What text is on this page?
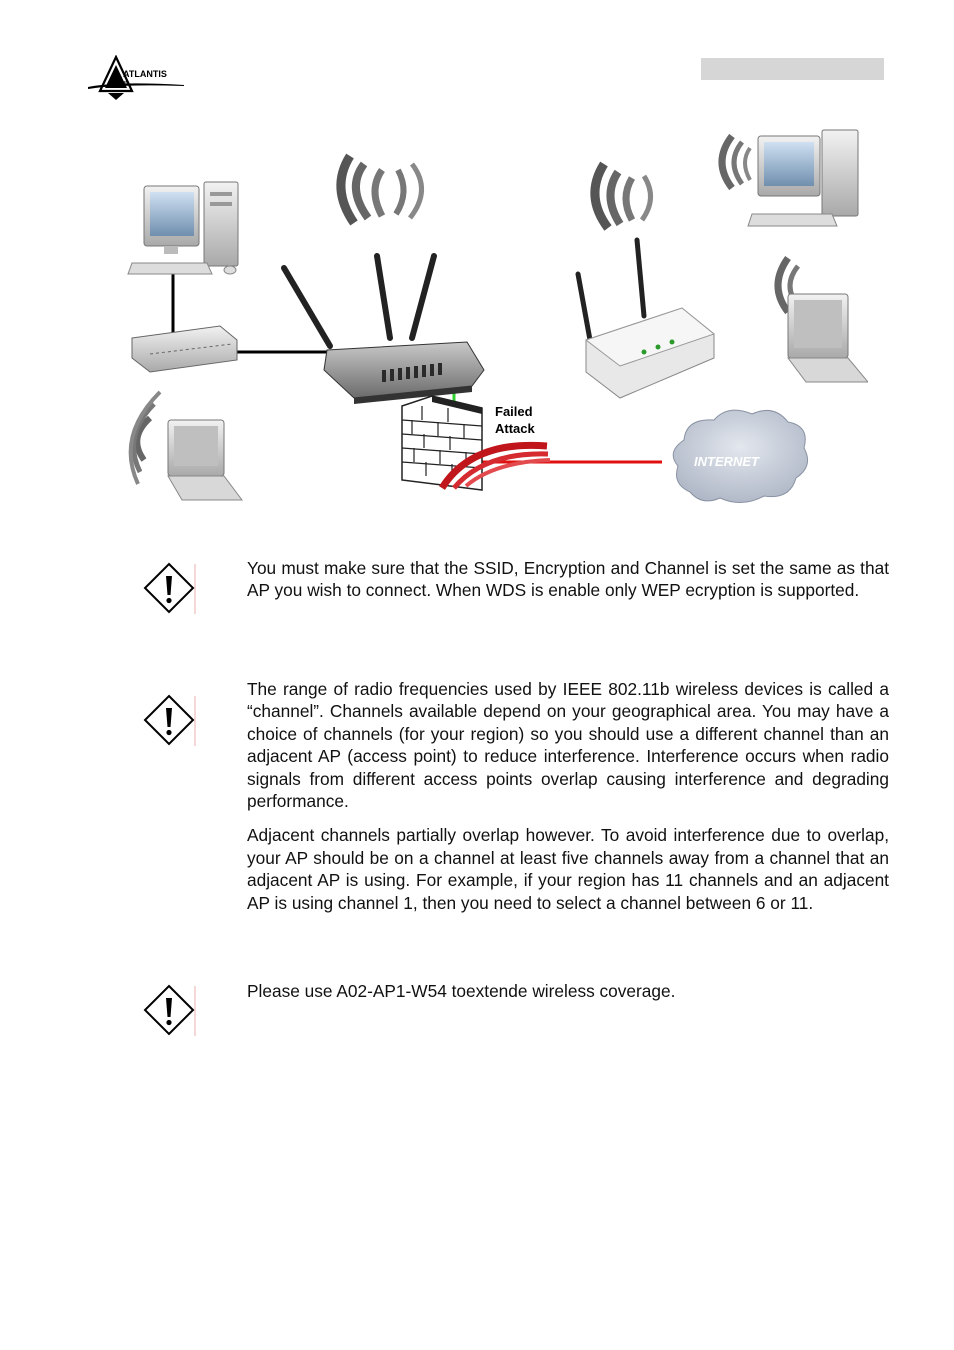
ATLANTIS
AND
Failed
Attack
INTERNET

You must make sure that the SSID, Encryption and Channel is set the same as that AP you wish to connect. When WDS is enable only WEP ecryption is supported.

The range of radio frequencies used by IEEE 802.11b wireless devices is called a “channel”. Channels available depend on your geographical area. You may have a choice of channels (for your region) so you should use a different channel than an adjacent AP (access point) to reduce interference. Interference occurs when radio signals from different access points overlap causing interference and degrading performance.

Adjacent channels partially overlap however. To avoid interference due to overlap, your AP should be on a channel at least five channels away from a channel that an adjacent AP is using. For example, if your region has 11 channels and an adjacent AP is using channel 1, then you need to select a channel between 6 or 11.

Please use A02-AP1-W54 toextende wireless coverage.
